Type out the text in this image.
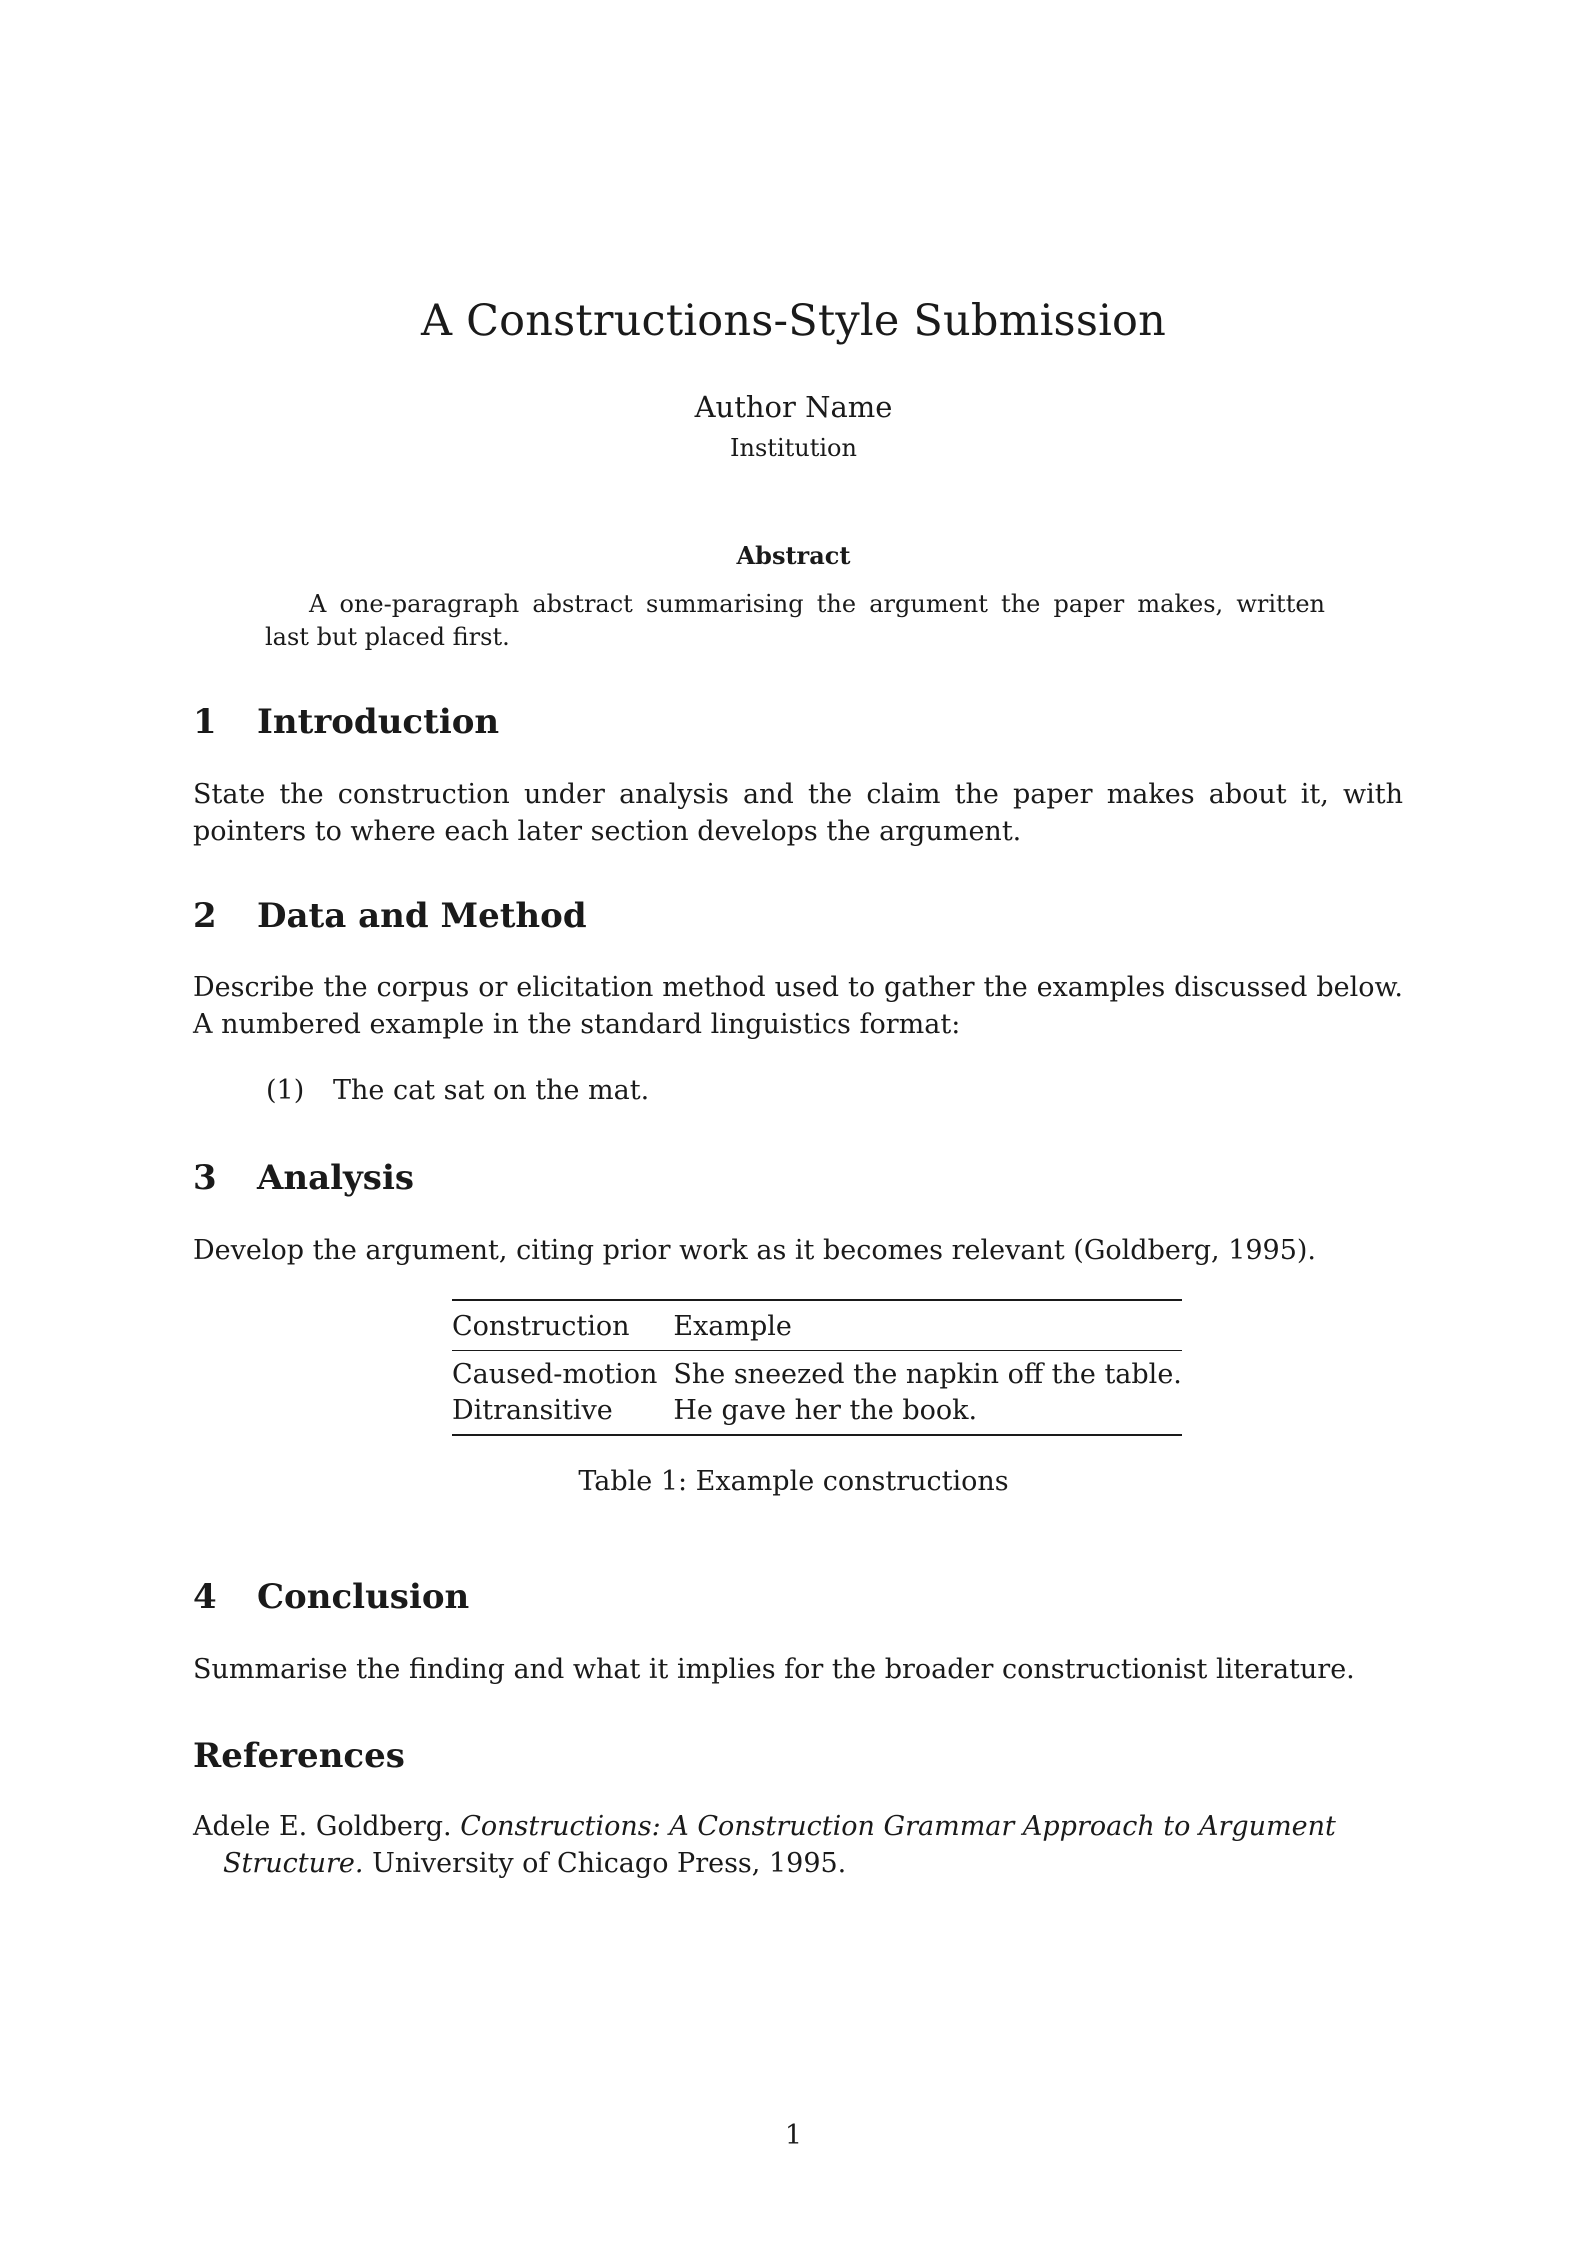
A Constructions-Style Submission
Author Name
Institution
Abstract
A one-paragraph abstract summarising the argument the paper makes, written last but placed first.
1 Introduction
State the construction under analysis and the claim the paper makes about it, with pointers to where each later section develops the argument.
2 Data and Method
Describe the corpus or elicitation method used to gather the examples discussed below. A numbered example in the standard linguistics format:
(1) The cat sat on the mat.
3 Analysis
Develop the argument, citing prior work as it becomes relevant (Goldberg, 1995).
Construction	Example
Caused-motion	She sneezed the napkin off the table.
Ditransitive	He gave her the book.
Table 1: Example constructions
4 Conclusion
Summarise the finding and what it implies for the broader constructionist literature.
References
Adele E. Goldberg. Constructions: A Construction Grammar Approach to Argument Structure. University of Chicago Press, 1995.
1
